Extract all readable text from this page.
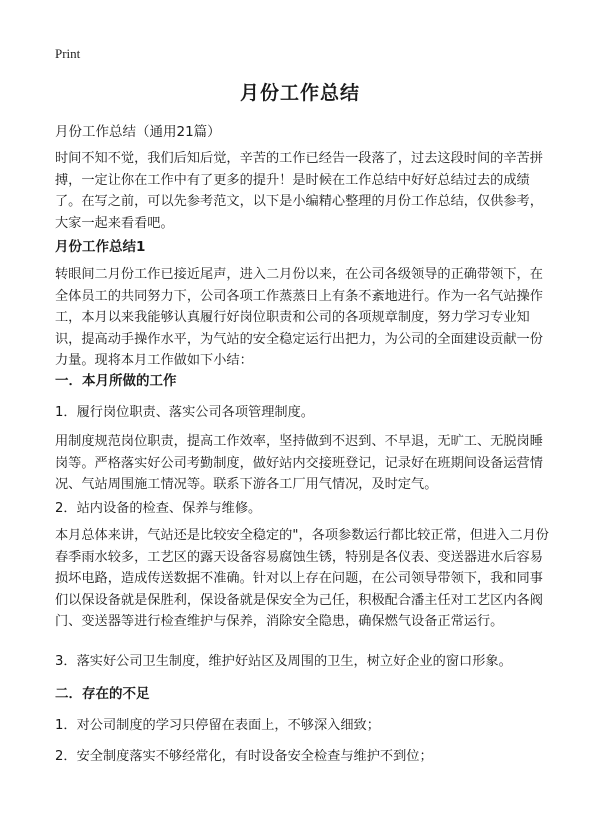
Print
月份工作总结
月份工作总结（通用21篇）

时间不知不觉，我们后知后觉，辛苦的工作已经告一段落了，过去这段时间的辛苦拼搏，一定让你在工作中有了更多的提升！是时候在工作总结中好好总结过去的成绩了。在写之前，可以先参考范文，以下是小编精心整理的月份工作总结，仅供参考，大家一起来看看吧。

月份工作总结1

转眼间二月份工作已接近尾声，进入二月份以来，在公司各级领导的正确带领下，在全体员工的共同努力下，公司各项工作蒸蒸日上有条不紊地进行。作为一名气站操作工，本月以来我能够认真履行好岗位职责和公司的各项规章制度，努力学习专业知识，提高动手操作水平，为气站的安全稳定运行出把力，为公司的全面建设贡献一份力量。现将本月工作做如下小结：

一．本月所做的工作
1．履行岗位职责、落实公司各项管理制度。

用制度规范岗位职责，提高工作效率，坚持做到不迟到、不早退，无旷工、无脱岗睡岗等。严格落实好公司考勤制度，做好站内交接班登记，记录好在班期间设备运营情况、气站周围施工情况等。联系下游各工厂用气情况，及时定气。

2．站内设备的检查、保养与维修。

本月总体来讲，气站还是比较安全稳定的"，各项参数运行都比较正常，但进入二月份春季雨水较多，工艺区的露天设备容易腐蚀生锈，特别是各仪表、变送器进水后容易损坏电路，造成传送数据不准确。针对以上存在问题，在公司领导带领下，我和同事们以保设备就是保胜利，保设备就是保安全为己任，积极配合潘主任对工艺区内各阀门、变送器等进行检查维护与保养，消除安全隐患，确保燃气设备正常运行。

3．落实好公司卫生制度，维护好站区及周围的卫生，树立好企业的窗口形象。
二．存在的不足
1．对公司制度的学习只停留在表面上，不够深入细致；
2．安全制度落实不够经常化，有时设备安全检查与维护不到位；
